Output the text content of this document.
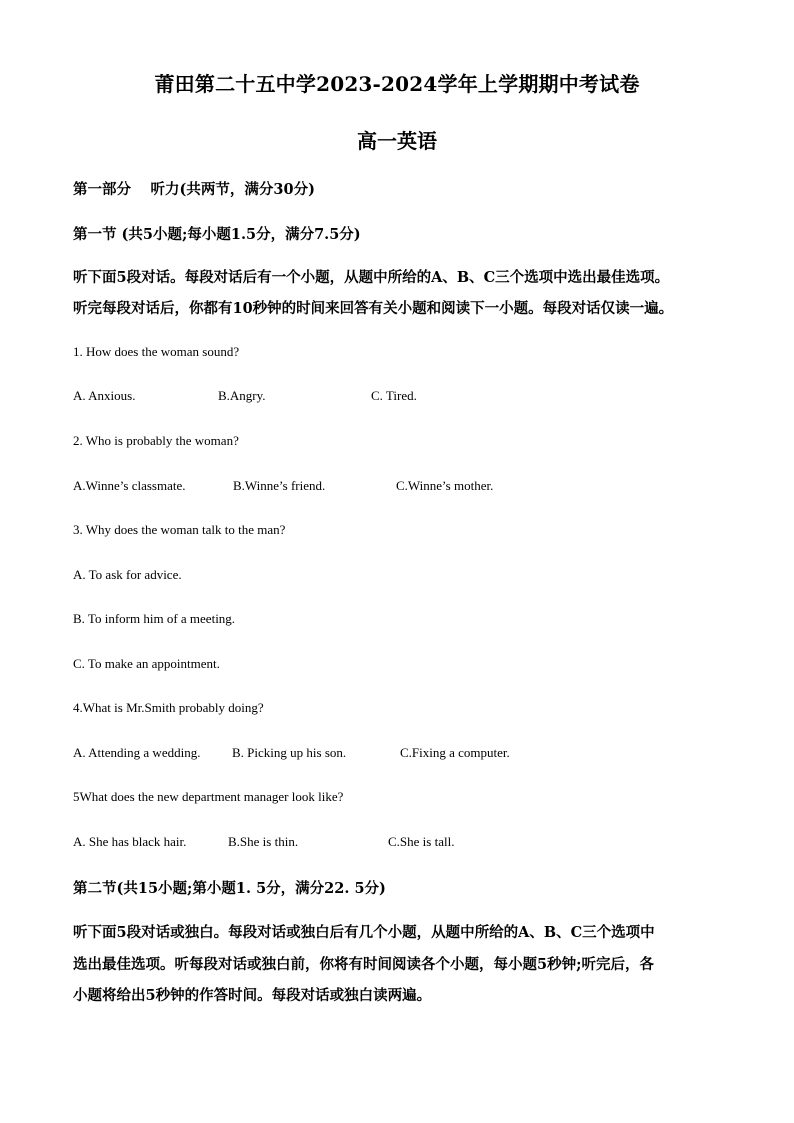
莆田第二十五中学2023-2024学年上学期期中考试卷
高一英语
第一部分　 听力(共两节，满分30分)
第一节 (共5小题;每小题1.5分，满分7.5分)
听下面5段对话。每段对话后有一个小题，从题中所给的A、B、C三个选项中选出最佳选项。
听完每段对话后，你都有10秒钟的时间来回答有关小题和阅读下一小题。每段对话仅读一遍。
1. How does the woman sound?
A. Anxious.	B.Angry.	C. Tired.
2. Who is probably the woman?
A.Winne’s classmate.	B.Winne’s friend.	C.Winne’s mother.
3. Why does the woman talk to the man?
A. To ask for advice.
B. To inform him of a meeting.
C. To make an appointment.
4.What is Mr.Smith probably doing?
A. Attending a wedding. B. Picking up his son.	C.Fixing a computer.
5What does the new department manager look like?
A. She has black hair.	B.She is thin.	C.She is tall.
第二节(共15小题;第小题1. 5分，满分22. 5分)
听下面5段对话或独白。每段对话或独白后有几个小题，从题中所给的A、B、C三个选项中
选出最佳选项。听每段对话或独白前，你将有时间阅读各个小题，每小题5秒钟;听完后，各
小题将给出5秒钟的作答时间。每段对话或独白读两遍。
